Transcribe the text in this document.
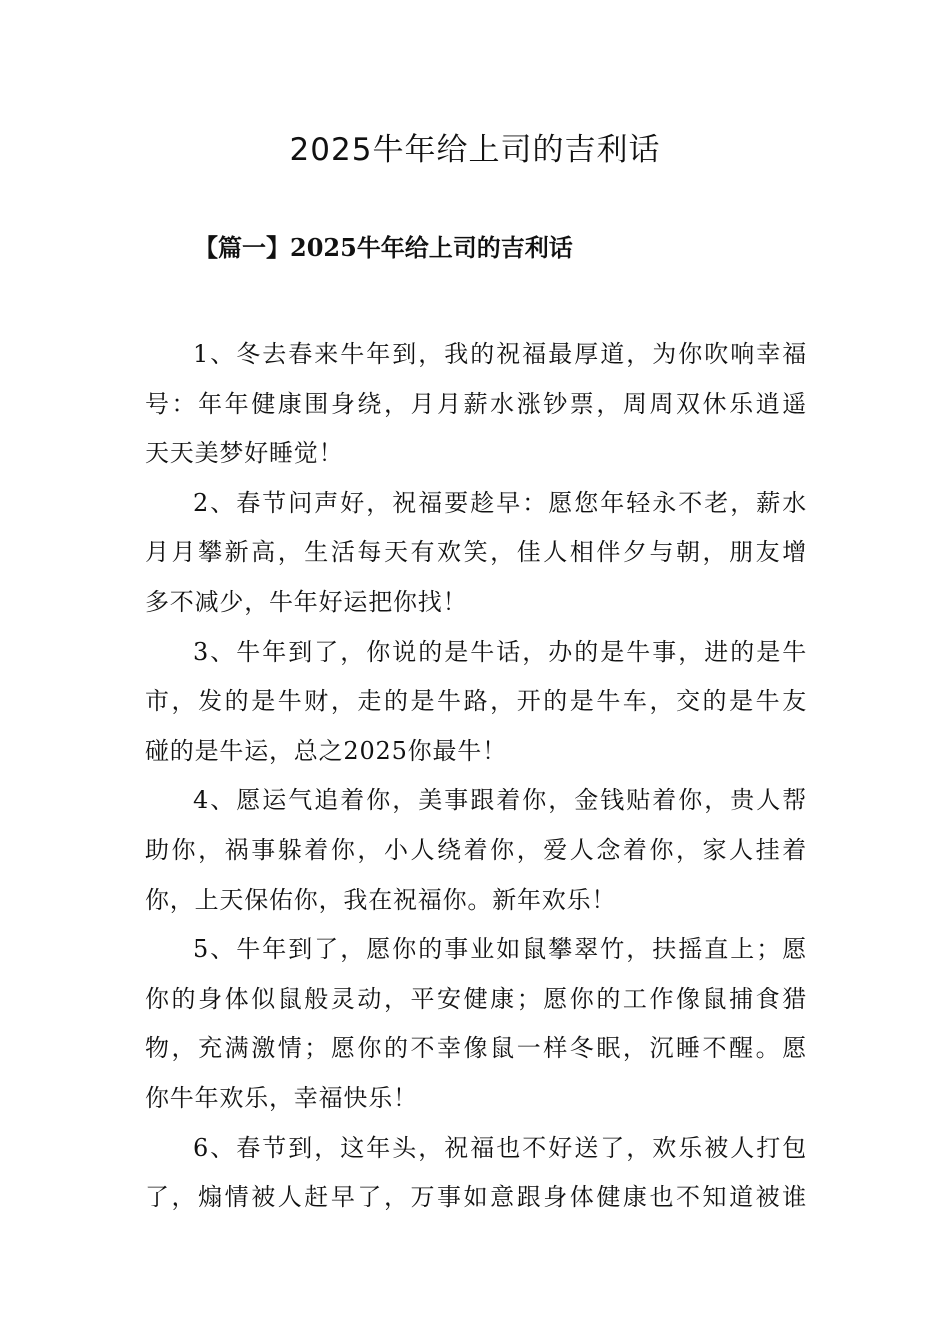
2025牛年给上司的吉利话
【篇一】2025牛年给上司的吉利话

1、冬去春来牛年到，我的祝福最厚道，为你吹响幸福
号：年年健康围身绕，月月薪水涨钞票，周周双休乐逍遥
天天美梦好睡觉！

2、春节问声好，祝福要趁早：愿您年轻永不老，薪水
月月攀新高，生活每天有欢笑，佳人相伴夕与朝，朋友增
多不减少，牛年好运把你找！

3、牛年到了，你说的是牛话，办的是牛事，进的是牛
市，发的是牛财，走的是牛路，开的是牛车，交的是牛友
碰的是牛运，总之2025你最牛！

4、愿运气追着你，美事跟着你，金钱贴着你，贵人帮
助你，祸事躲着你，小人绕着你，爱人念着你，家人挂着
你，上天保佑你，我在祝福你。新年欢乐！

5、牛年到了，愿你的事业如鼠攀翠竹，扶摇直上；愿
你的身体似鼠般灵动，平安健康；愿你的工作像鼠捕食猎
物，充满激情；愿你的不幸像鼠一样冬眠，沉睡不醒。愿
你牛年欢乐，幸福快乐！

6、春节到，这年头，祝福也不好送了，欢乐被人打包
了，煽情被人赶早了，万事如意跟身体健康也不知道被谁
